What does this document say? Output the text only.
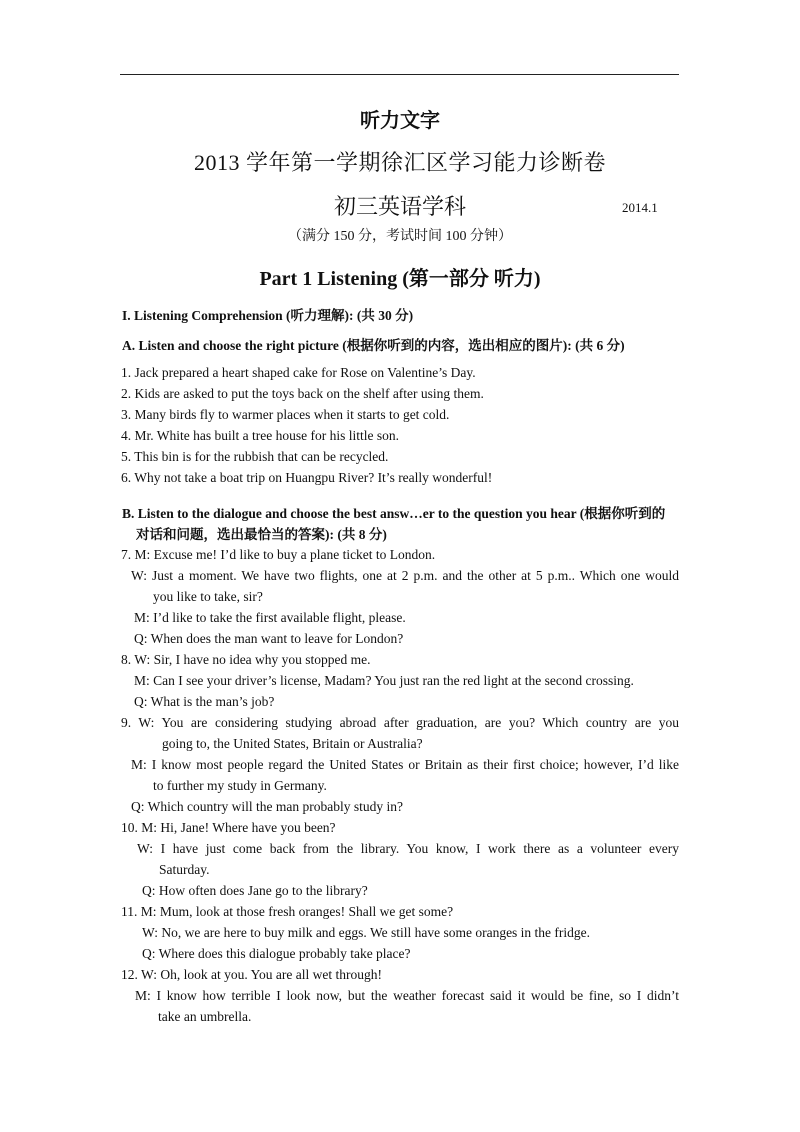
听力文字
2013 学年第一学期徐汇区学习能力诊断卷
初三英语学科	2014.1
（满分 150 分，考试时间 100 分钟）
Part 1 Listening (第一部分 听力)
I. Listening Comprehension (听力理解): (共 30 分)
A. Listen and choose the right picture (根据你听到的内容，选出相应的图片): (共 6 分)
1. Jack prepared a heart shaped cake for Rose on Valentine’s Day.
2. Kids are asked to put the toys back on the shelf after using them.
3. Many birds fly to warmer places when it starts to get cold.
4. Mr. White has built a tree house for his little son.
5. This bin is for the rubbish that can be recycled.
6. Why not take a boat trip on Huangpu River? It’s really wonderful!
B. Listen to the dialogue and choose the best answ…er to the question you hear (根据你听到的
对话和问题，选出最恰当的答案): (共 8 分)
7. M: Excuse me! I’d like to buy a plane ticket to London.
W: Just a moment. We have two flights, one at 2 p.m. and the other at 5 p.m.. Which one would
you like to take, sir?
M: I’d like to take the first available flight, please.
Q: When does the man want to leave for London?
8. W: Sir, I have no idea why you stopped me.
M: Can I see your driver’s license, Madam? You just ran the red light at the second crossing.
Q: What is the man’s job?
9. W: You are considering studying abroad after graduation, are you? Which country are you
going to, the United States, Britain or Australia?
M: I know most people regard the United States or Britain as their first choice; however, I’d like
to further my study in Germany.
Q: Which country will the man probably study in?
10. M: Hi, Jane! Where have you been?
W: I have just come back from the library. You know, I work there as a volunteer every
Saturday.
Q: How often does Jane go to the library?
11. M: Mum, look at those fresh oranges! Shall we get some?
W: No, we are here to buy milk and eggs. We still have some oranges in the fridge.
Q: Where does this dialogue probably take place?
12. W: Oh, look at you. You are all wet through!
M: I know how terrible I look now, but the weather forecast said it would be fine, so I didn’t
take an umbrella.
